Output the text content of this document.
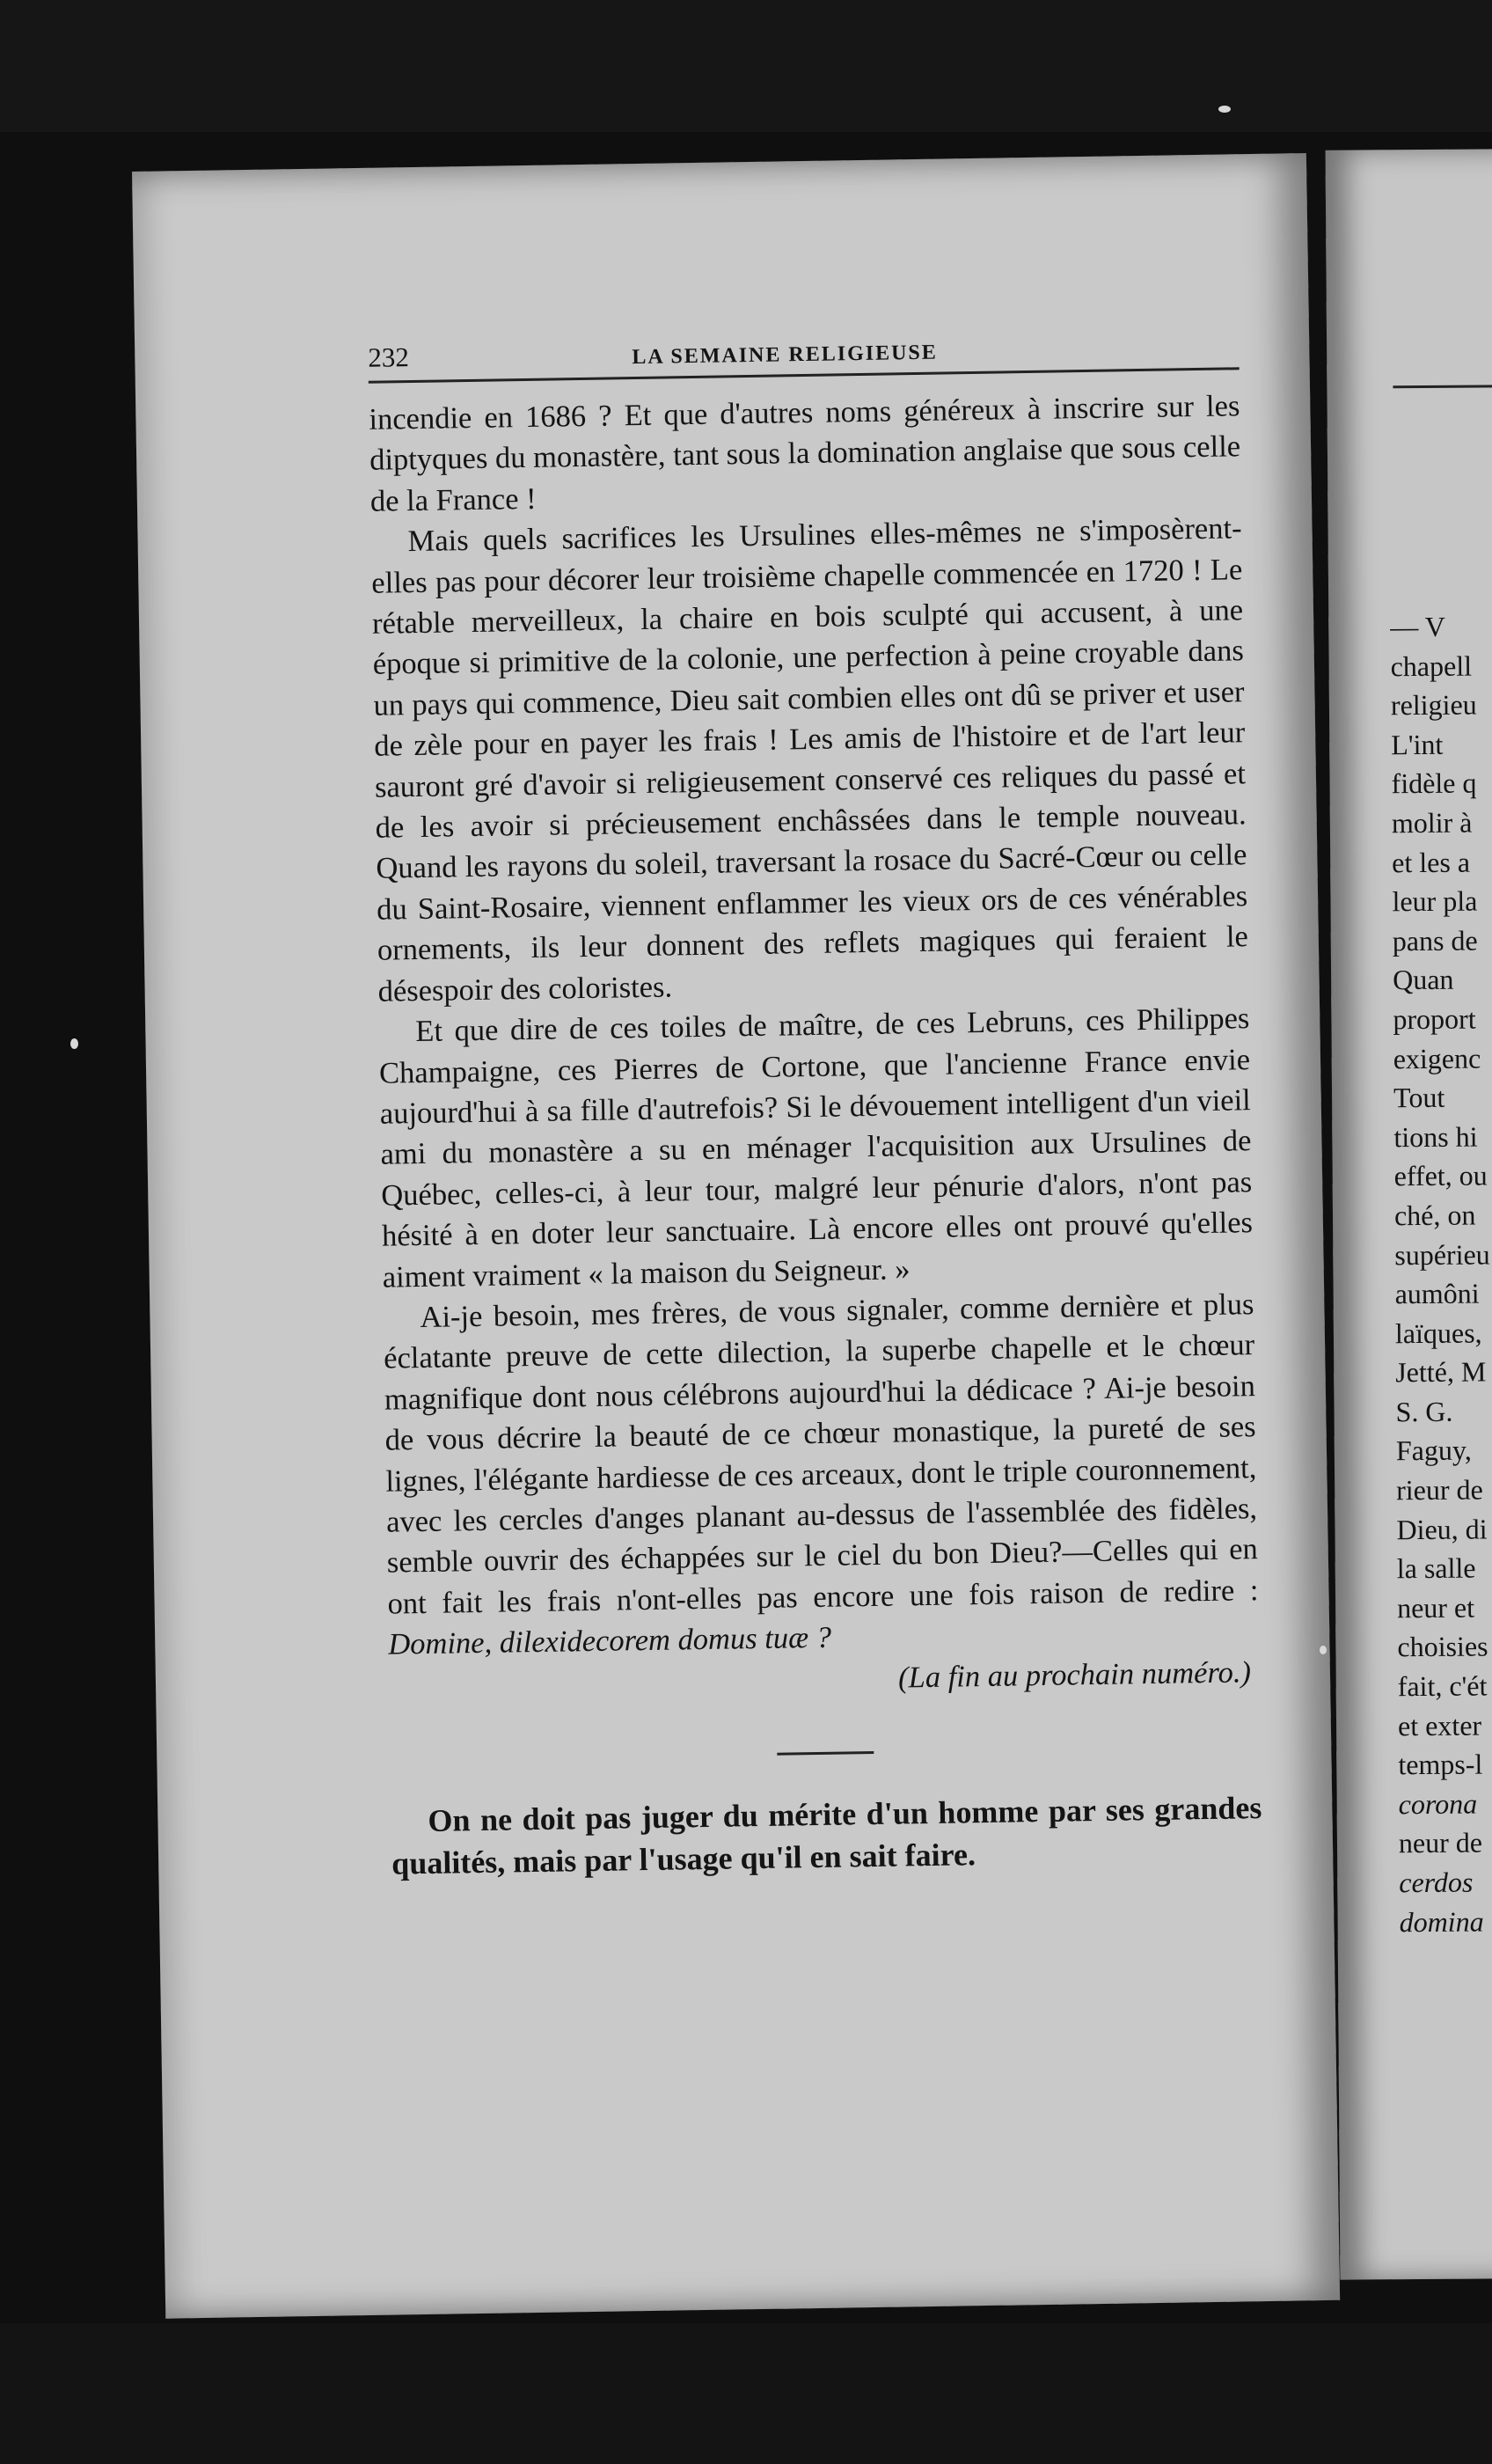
— V
chapell
religieu
L'int
fidèle q
molir à
et les a
leur pla
pans de
Quan
proport
exigenc
Tout
tions hi
effet, ou
ché, on
supérieu
aumôni
laïques,
Jetté, M
S. G.
Faguy,
rieur de
Dieu, di
la salle
neur et
choisies
fait, c'ét
et exter
temps-l
corona
neur de
cerdos
domina
232	LA SEMAINE RELIGIEUSE

incendie en 1686 ? Et que d'autres noms généreux à inscrire sur les diptyques du monastère, tant sous la domination anglaise que sous celle de la France !

Mais quels sacrifices les Ursulines elles-mêmes ne s'imposèrent-elles pas pour décorer leur troisième chapelle commencée en 1720 ! Le rétable merveilleux, la chaire en bois sculpté qui accusent, à une époque si primitive de la colonie, une perfection à peine croyable dans un pays qui commence, Dieu sait combien elles ont dû se priver et user de zèle pour en payer les frais ! Les amis de l'histoire et de l'art leur sauront gré d'avoir si religieusement conservé ces reliques du passé et de les avoir si précieusement enchâssées dans le temple nouveau. Quand les rayons du soleil, traversant la rosace du Sacré-Cœur ou celle du Saint-Rosaire, viennent enflammer les vieux ors de ces vénérables ornements, ils leur donnent des reflets magiques qui feraient le désespoir des coloristes.

Et que dire de ces toiles de maître, de ces Lebruns, ces Philippes Champaigne, ces Pierres de Cortone, que l'ancienne France envie aujourd'hui à sa fille d'autrefois? Si le dévouement intelligent d'un vieil ami du monastère a su en ménager l'acquisition aux Ursulines de Québec, celles-ci, à leur tour, malgré leur pénurie d'alors, n'ont pas hésité à en doter leur sanctuaire. Là encore elles ont prouvé qu'elles aiment vraiment « la maison du Seigneur. »

Ai-je besoin, mes frères, de vous signaler, comme dernière et plus éclatante preuve de cette dilection, la superbe chapelle et le chœur magnifique dont nous célébrons aujourd'hui la dédicace ? Ai-je besoin de vous décrire la beauté de ce chœur monastique, la pureté de ses lignes, l'élégante hardiesse de ces arceaux, dont le triple couronnement, avec les cercles d'anges planant au-dessus de l'assemblée des fidèles, semble ouvrir des échappées sur le ciel du bon Dieu?—Celles qui en ont fait les frais n'ont-elles pas encore une fois raison de redire : Domine, dilexidecorem domus tuæ ?

(La fin au prochain numéro.)

On ne doit pas juger du mérite d'un homme par ses grandes qualités, mais par l'usage qu'il en sait faire.
